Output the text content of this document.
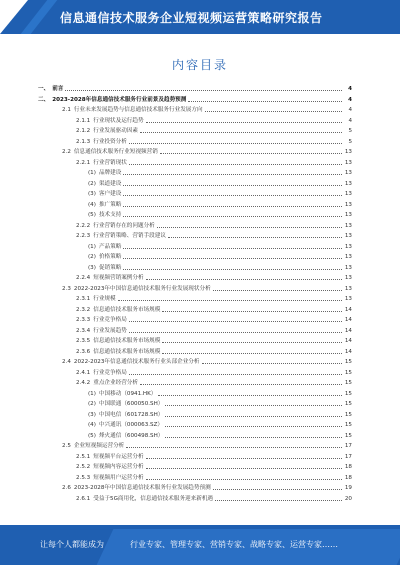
信息通信技术服务企业短视频运营策略研究报告
内容目录
一、 前言	4
二、 2023-2028年信息通信技术服务行业前景及趋势预测	4
2.1 行业未来发展趋势与信息通信技术服务行业发展方向	4
2.1.1 行业现状及运行趋势	4
2.1.2 行业发展驱动因素	5
2.1.3 行业投资分析	5
2.2 信息通信技术服务行业短视频营销	13
2.2.1 行业营销现状	13
(1) 品牌建设	13
(2) 渠道建设	13
(3) 客户建设	13
(4) 推广策略	13
(5) 技术支持	13
2.2.2 行业营销存在的问题分析	13
2.2.3 行业营销策略、营销手段建议	13
(1) 产品策略	13
(2) 价格策略	13
(3) 促销策略	13
2.2.4 短视频营销案例分析	13
2.3 2022-2023年中国信息通信技术服务行业发展现状分析	13
2.3.1 行业规模	13
2.3.2 信息通信技术服务市场规模	14
2.3.3 行业竞争格局	14
2.3.4 行业发展趋势	14
2.3.5 信息通信技术服务市场规模	14
2.3.6 信息通信技术服务市场规模	14
2.4 2022-2023年信息通信技术服务行业头部企业分析	15
2.4.1 行业竞争格局	15
2.4.2 重点企业经营分析	15
(1) 中国移动（0941.HK）	15
(2) 中国联通（600050.SH）	15
(3) 中国电信（601728.SH）	15
(4) 中兴通讯（000063.SZ）	15
(5) 烽火通信（600498.SH）	15
2.5 企业短视频运营分析	17
2.5.1 短视频平台运营分析	17
2.5.2 短视频内容运营分析	18
2.5.3 短视频用户运营分析	18
2.6 2023-2028年中国信息通信技术服务行业发展趋势预测	19
2.6.1 受益于5G商用化，信息通信技术服务迎来新机遇	20
让每个人都能成为	行业专家、管理专家、营销专家、战略专家、运营专家……
